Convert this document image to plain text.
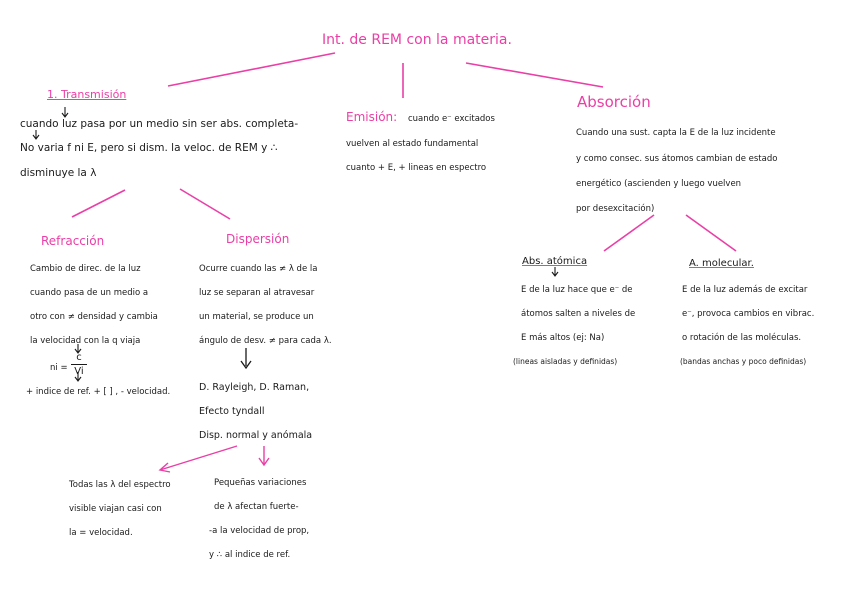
Int. de REM con la materia.
1. Transmisión
cuando luz pasa por un medio sin ser abs. completa-
No varia f ni E, pero si dism. la veloc. de REM y ∴
disminuye la λ
Refracción
Cambio de direc. de la luz
cuando pasa de un medio a
otro con ≠ densidad y cambia
la velocidad con la q viaja
ni =
c
Vi
+ indice de ref. + [ ] , - velocidad.
Dispersión
Ocurre cuando las ≠ λ de la
luz se separan al atravesar
un material, se produce un
ángulo de desv. ≠ para cada λ.
D. Rayleigh, D. Raman,
Efecto tyndall
Disp. normal y anómala
Todas las λ del espectro
visible viajan casi con
la = velocidad.
Pequeñas variaciones
de λ afectan fuerte-
-a la velocidad de prop,
y ∴ al indice de ref.
Emisión: cuando e⁻ excitados
vuelven al estado fundamental
cuanto + E, + lineas en espectro
Absorción
Cuando una sust. capta la E de la luz incidente
y como consec. sus átomos cambian de estado
energético (ascienden y luego vuelven
por desexcitación)
Abs. atómica
E de la luz hace que e⁻ de
átomos salten a niveles de
E más altos (ej: Na)
(lineas aisladas y definidas)
A. molecular.
E de la luz además de excitar
e⁻, provoca cambios en vibrac.
o rotación de las moléculas.
(bandas anchas y poco definidas)
